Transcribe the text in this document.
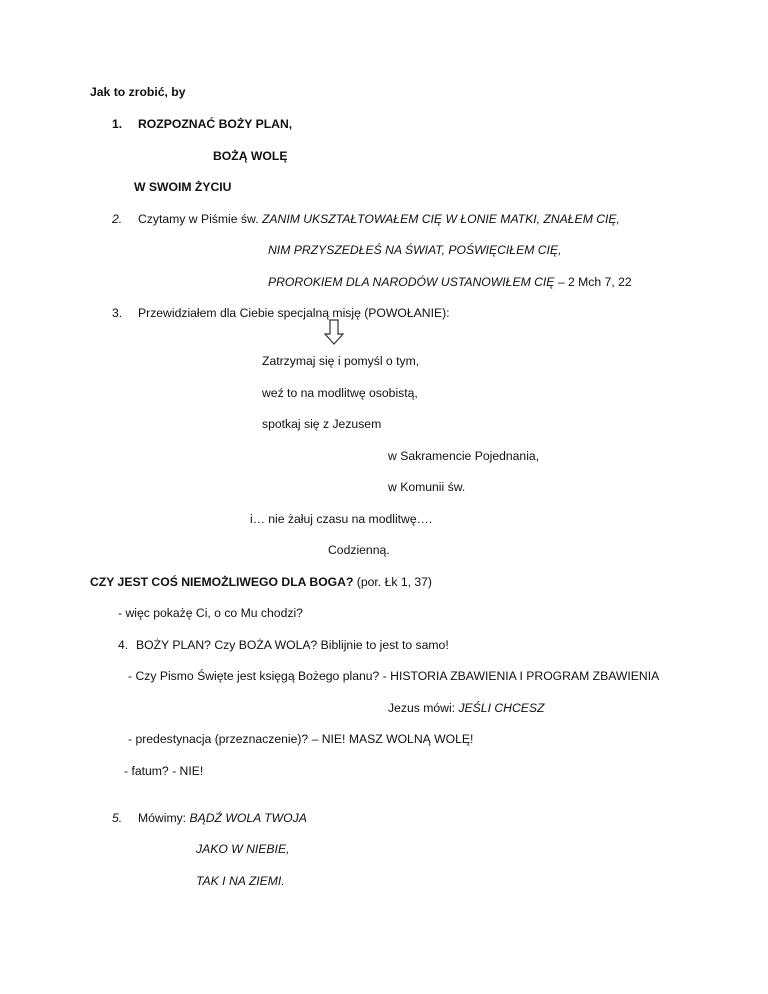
Jak to zrobić, by
1. ROZPOZNAĆ BOŻY PLAN,
BOŻĄ WOLĘ
W SWOIM ŻYCIU
2. Czytamy w Piśmie św. ZANIM UKSZTAŁTOWAŁEM CIĘ W ŁONIE MATKI, ZNAŁEM CIĘ,
NIM PRZYSZEDŁEŚ NA ŚWIAT, POŚWIĘCIŁEM CIĘ,
PROROKIEM DLA NARODÓW USTANOWIŁEM CIĘ – 2 Mch 7, 22
3. Przewidziałem dla Ciebie specjalną misję (POWOŁANIE):
Zatrzymaj się i pomyśl o tym,
weź to na modlitwę osobistą,
spotkaj się z Jezusem
w Sakramencie Pojednania,
w Komunii św.
i… nie żałuj czasu na modlitwę….
Codzienną.
CZY JEST COŚ NIEMOŻLIWEGO DLA BOGA? (por. Łk 1, 37)
- więc pokażę Ci, o co Mu chodzi?
4. BOŻY PLAN? Czy BOŻA WOLA? Biblijnie to jest to samo!
- Czy Pismo Święte jest księgą Bożego planu? - HISTORIA ZBAWIENIA I PROGRAM ZBAWIENIA
Jezus mówi: JEŚLI CHCESZ
- predestynacja (przeznaczenie)? – NIE! MASZ WOLNĄ WOLĘ!
- fatum? - NIE!
5. Mówimy: BĄDŹ WOLA TWOJA
JAKO W NIEBIE,
TAK I NA ZIEMI.
